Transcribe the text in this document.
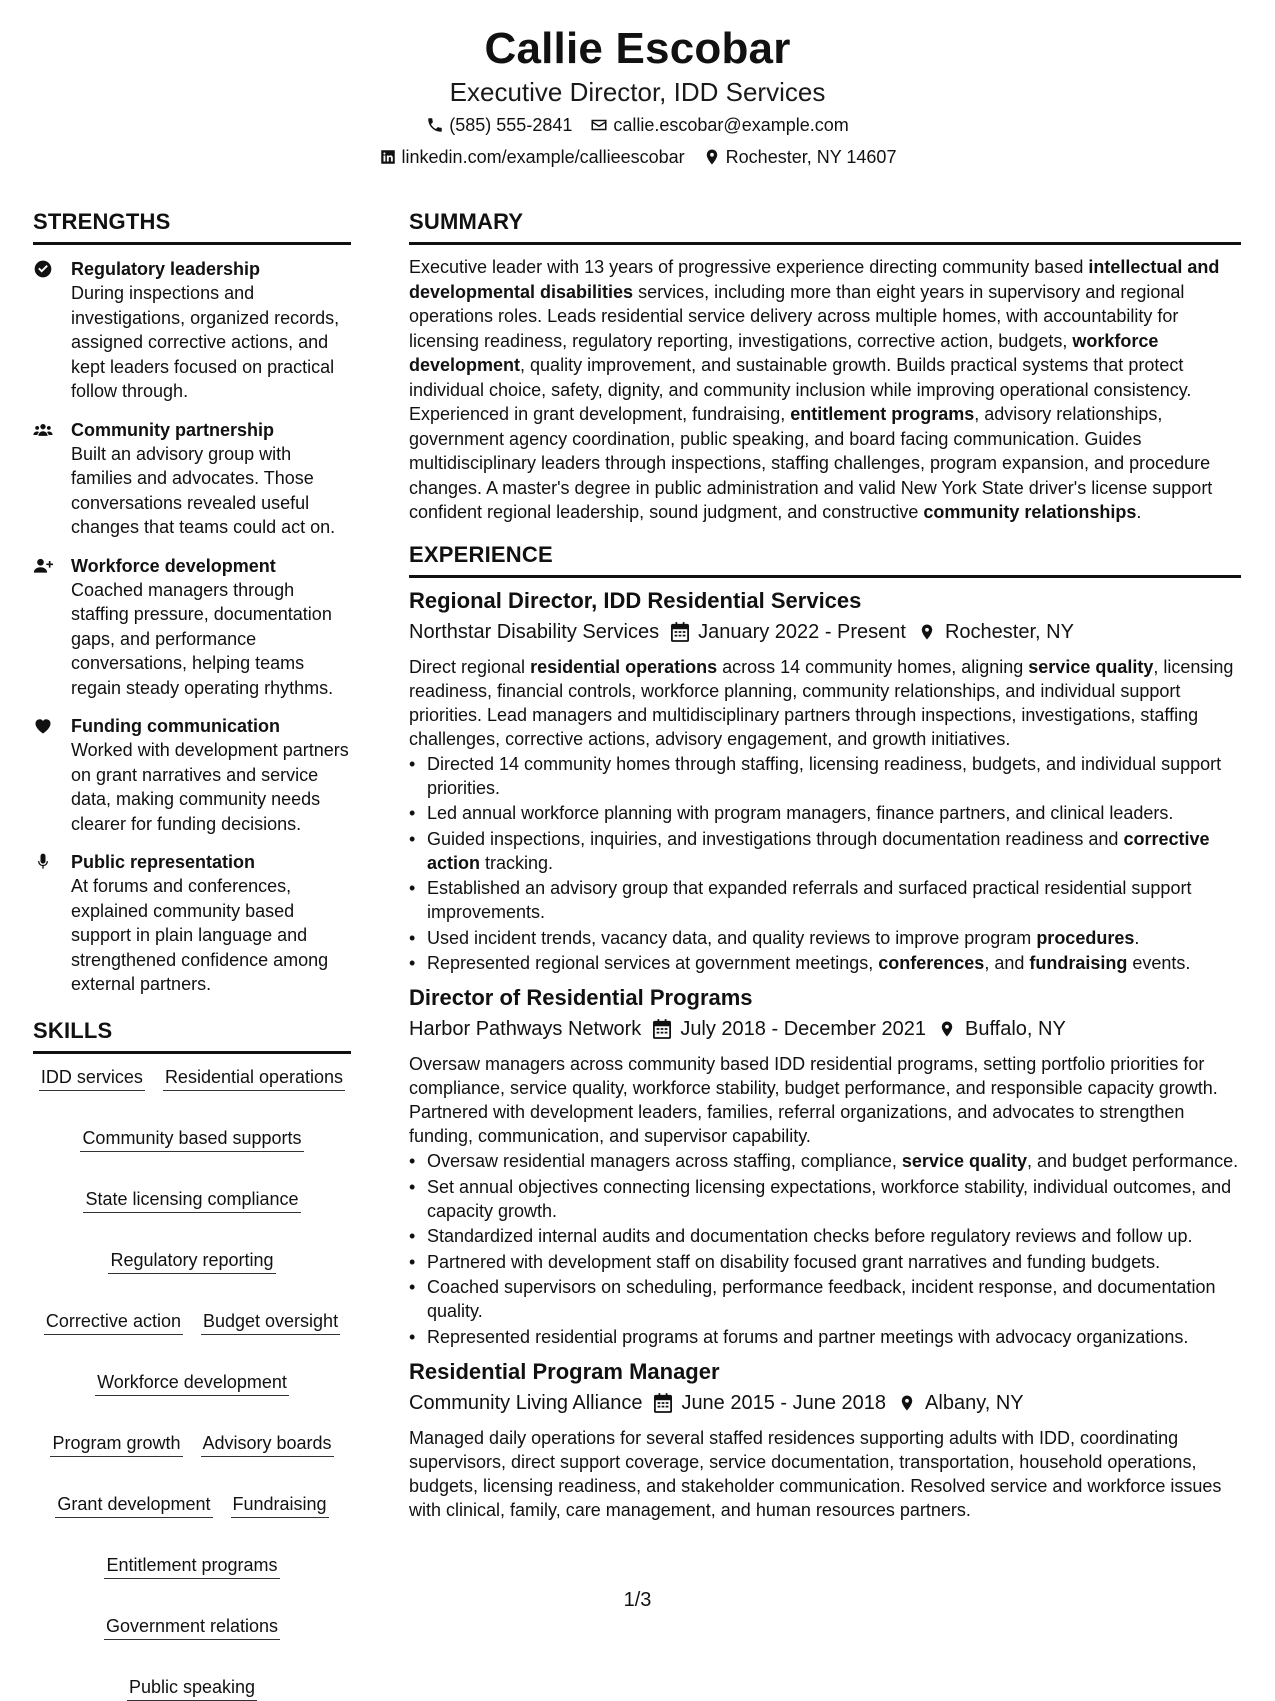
Callie Escobar
Executive Director, IDD Services
(585) 555-2841 callie.escobar@example.com
linkedin.com/example/callieescobar Rochester, NY 14607
STRENGTHS
Regulatory leadership
During inspections and investigations, organized records, assigned corrective actions, and kept leaders focused on practical follow through.
Community partnership
Built an advisory group with families and advocates. Those conversations revealed useful changes that teams could act on.
Workforce development
Coached managers through staffing pressure, documentation gaps, and performance conversations, helping teams regain steady operating rhythms.
Funding communication
Worked with development partners on grant narratives and service data, making community needs clearer for funding decisions.
Public representation
At forums and conferences, explained community based support in plain language and strengthened confidence among external partners.
SKILLS
IDD services Residential operations
Community based supports
State licensing compliance
Regulatory reporting
Corrective action Budget oversight
Workforce development
Program growth Advisory boards
Grant development Fundraising
Entitlement programs
Government relations
Public speaking
SUMMARY

Executive leader with 13 years of progressive experience directing community based intellectual and developmental disabilities services, including more than eight years in supervisory and regional operations roles. Leads residential service delivery across multiple homes, with accountability for licensing readiness, regulatory reporting, investigations, corrective action, budgets, workforce development, quality improvement, and sustainable growth. Builds practical systems that protect individual choice, safety, dignity, and community inclusion while improving operational consistency. Experienced in grant development, fundraising, entitlement programs, advisory relationships, government agency coordination, public speaking, and board facing communication. Guides multidisciplinary leaders through inspections, staffing challenges, program expansion, and procedure changes. A master's degree in public administration and valid New York State driver's license support confident regional leadership, sound judgment, and constructive community relationships.

EXPERIENCE
Regional Director, IDD Residential Services
Northstar Disability Services January 2022 - Present Rochester, NY

Direct regional residential operations across 14 community homes, aligning service quality, licensing readiness, financial controls, workforce planning, community relationships, and individual support priorities. Lead managers and multidisciplinary partners through inspections, investigations, staffing challenges, corrective actions, advisory engagement, and growth initiatives.

• Directed 14 community homes through staffing, licensing readiness, budgets, and individual support priorities.
• Led annual workforce planning with program managers, finance partners, and clinical leaders.
• Guided inspections, inquiries, and investigations through documentation readiness and corrective action tracking.
• Established an advisory group that expanded referrals and surfaced practical residential support improvements.
• Used incident trends, vacancy data, and quality reviews to improve program procedures.
• Represented regional services at government meetings, conferences, and fundraising events.
Director of Residential Programs
Harbor Pathways Network July 2018 - December 2021 Buffalo, NY

Oversaw managers across community based IDD residential programs, setting portfolio priorities for compliance, service quality, workforce stability, budget performance, and responsible capacity growth. Partnered with development leaders, families, referral organizations, and advocates to strengthen funding, communication, and supervisor capability.

• Oversaw residential managers across staffing, compliance, service quality, and budget performance.
• Set annual objectives connecting licensing expectations, workforce stability, individual outcomes, and capacity growth.
• Standardized internal audits and documentation checks before regulatory reviews and follow up.
• Partnered with development staff on disability focused grant narratives and funding budgets.
• Coached supervisors on scheduling, performance feedback, incident response, and documentation quality.
• Represented residential programs at forums and partner meetings with advocacy organizations.
Residential Program Manager
Community Living Alliance June 2015 - June 2018 Albany, NY

Managed daily operations for several staffed residences supporting adults with IDD, coordinating supervisors, direct support coverage, service documentation, transportation, household operations, budgets, licensing readiness, and stakeholder communication. Resolved service and workforce issues with clinical, family, care management, and human resources partners.

1/3
